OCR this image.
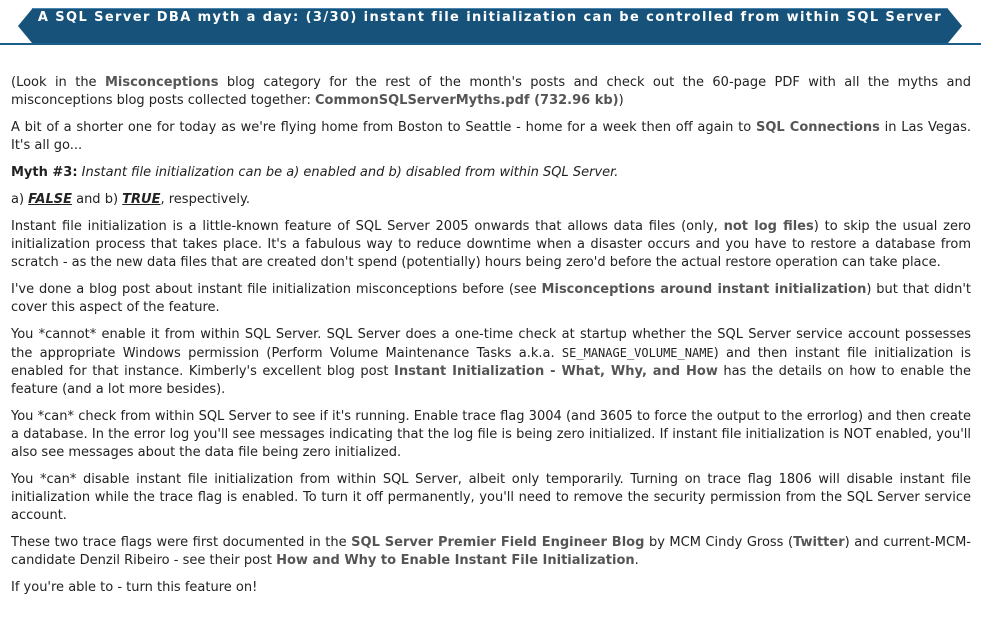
A SQL Server DBA myth a day: (3/30) instant file initialization can be controlled from within SQL Server

(Look in the Misconceptions blog category for the rest of the month's posts and check out the 60-page PDF with all the myths and misconceptions blog posts collected together: CommonSQLServerMyths.pdf (732.96 kb))

A bit of a shorter one for today as we're flying home from Boston to Seattle - home for a week then off again to SQL Connections in Las Vegas. It's all go...

Myth #3: Instant file initialization can be a) enabled and b) disabled from within SQL Server.

a) FALSE and b) TRUE, respectively.

Instant file initialization is a little-known feature of SQL Server 2005 onwards that allows data files (only, not log files) to skip the usual zero initialization process that takes place. It's a fabulous way to reduce downtime when a disaster occurs and you have to restore a database from scratch - as the new data files that are created don't spend (potentially) hours being zero'd before the actual restore operation can take place.

I've done a blog post about instant file initialization misconceptions before (see Misconceptions around instant initialization) but that didn't cover this aspect of the feature.

You *cannot* enable it from within SQL Server. SQL Server does a one-time check at startup whether the SQL Server service account possesses the appropriate Windows permission (Perform Volume Maintenance Tasks a.k.a. SE_MANAGE_VOLUME_NAME) and then instant file initialization is enabled for that instance. Kimberly's excellent blog post Instant Initialization - What, Why, and How has the details on how to enable the feature (and a lot more besides).

You *can* check from within SQL Server to see if it's running. Enable trace flag 3004 (and 3605 to force the output to the errorlog) and then create a database. In the error log you'll see messages indicating that the log file is being zero initialized. If instant file initialization is NOT enabled, you'll also see messages about the data file being zero initialized.

You *can* disable instant file initialization from within SQL Server, albeit only temporarily. Turning on trace flag 1806 will disable instant file initialization while the trace flag is enabled. To turn it off permanently, you'll need to remove the security permission from the SQL Server service account.

These two trace flags were first documented in the SQL Server Premier Field Engineer Blog by MCM Cindy Gross (Twitter) and current-MCM-candidate Denzil Ribeiro - see their post How and Why to Enable Instant File Initialization.

If you're able to - turn this feature on!
